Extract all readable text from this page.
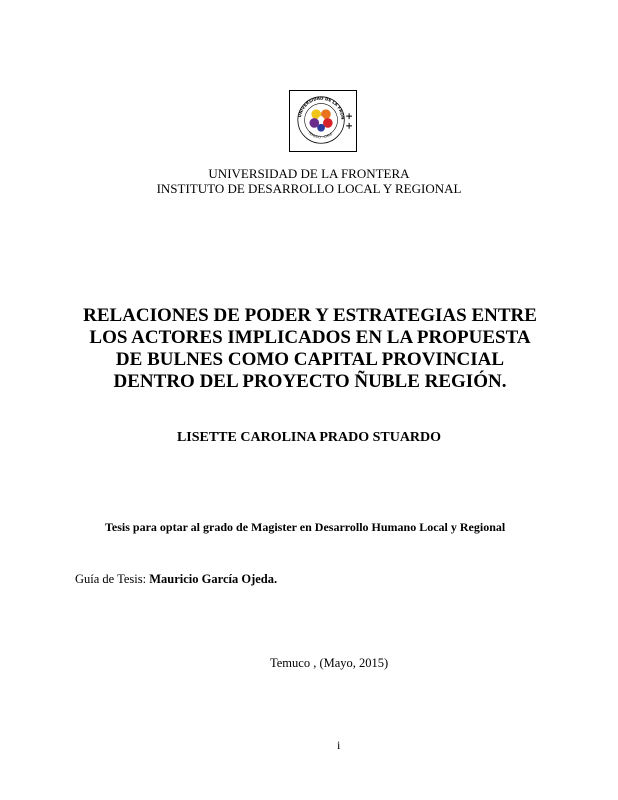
UNIVERSIDAD DE LA FRON
TEMUCO · CHILE
UNIVERSIDAD DE LA FRONTERA
INSTITUTO DE DESARROLLO LOCAL Y REGIONAL
RELACIONES DE PODER Y ESTRATEGIAS ENTRE
LOS ACTORES IMPLICADOS EN LA PROPUESTA
DE BULNES COMO CAPITAL PROVINCIAL
DENTRO DEL PROYECTO ÑUBLE REGIÓN.
LISETTE CAROLINA PRADO STUARDO
Tesis para optar al grado de Magister en Desarrollo Humano Local y Regional
Guía de Tesis: Mauricio García Ojeda.
Temuco , (Mayo, 2015)
i
